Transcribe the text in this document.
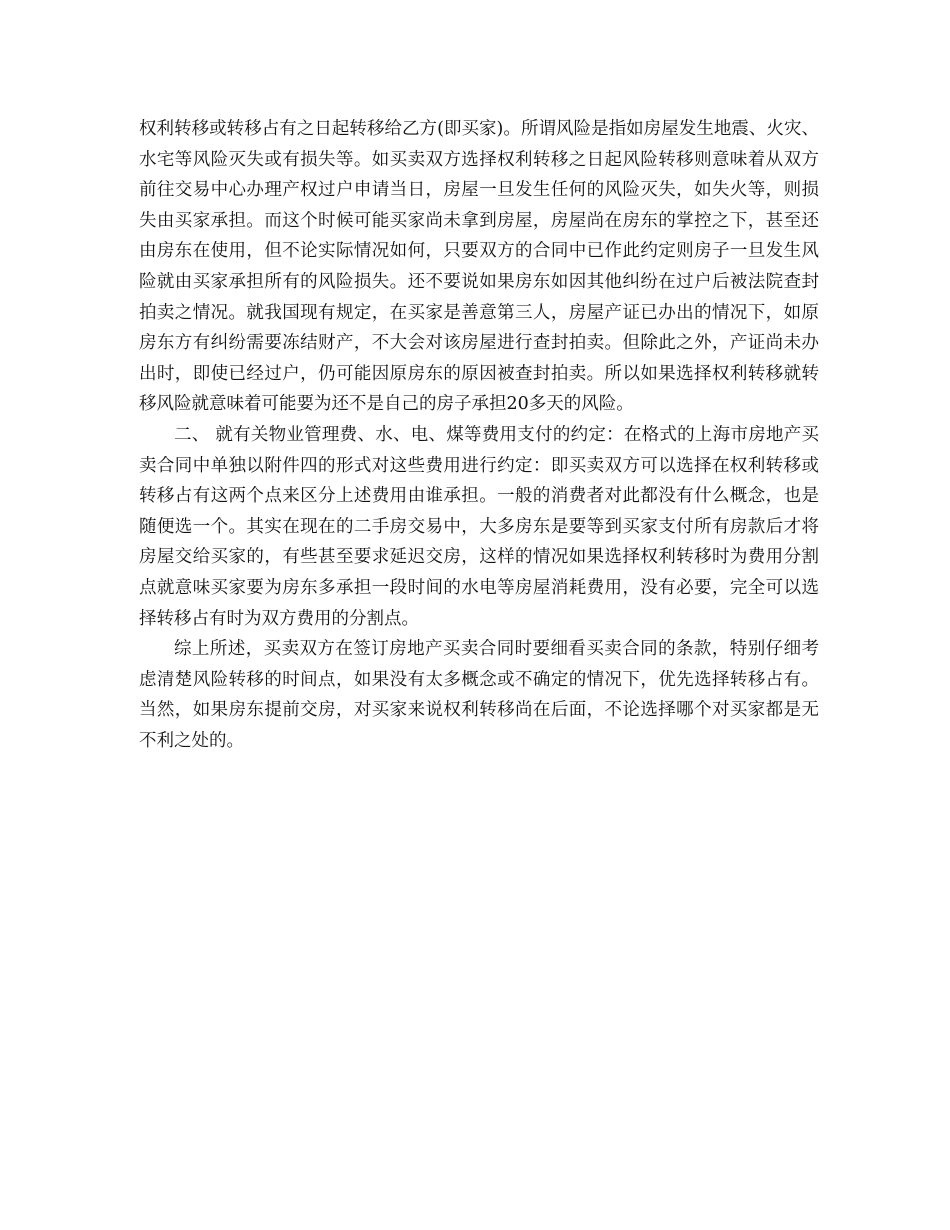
权利转移或转移占有之日起转移给乙方(即买家)。所谓风险是指如房屋发生地震、火灾、水宅等风险灭失或有损失等。如买卖双方选择权利转移之日起风险转移则意味着从双方前往交易中心办理产权过户申请当日，房屋一旦发生任何的风险灭失，如失火等，则损失由买家承担。而这个时候可能买家尚未拿到房屋，房屋尚在房东的掌控之下，甚至还由房东在使用，但不论实际情况如何，只要双方的合同中已作此约定则房子一旦发生风险就由买家承担所有的风险损失。还不要说如果房东如因其他纠纷在过户后被法院查封拍卖之情况。就我国现有规定，在买家是善意第三人，房屋产证已办出的情况下，如原房东方有纠纷需要冻结财产，不大会对该房屋进行查封拍卖。但除此之外，产证尚未办出时，即使已经过户，仍可能因原房东的原因被查封拍卖。所以如果选择权利转移就转移风险就意味着可能要为还不是自己的房子承担20多天的风险。

二、 就有关物业管理费、水、电、煤等费用支付的约定：在格式的上海市房地产买卖合同中单独以附件四的形式对这些费用进行约定：即买卖双方可以选择在权利转移或转移占有这两个点来区分上述费用由谁承担。一般的消费者对此都没有什么概念，也是随便选一个。其实在现在的二手房交易中，大多房东是要等到买家支付所有房款后才将房屋交给买家的，有些甚至要求延迟交房，这样的情况如果选择权利转移时为费用分割点就意味买家要为房东多承担一段时间的水电等房屋消耗费用，没有必要，完全可以选择转移占有时为双方费用的分割点。

综上所述，买卖双方在签订房地产买卖合同时要细看买卖合同的条款，特别仔细考虑清楚风险转移的时间点，如果没有太多概念或不确定的情况下，优先选择转移占有。当然，如果房东提前交房，对买家来说权利转移尚在后面，不论选择哪个对买家都是无不利之处的。
